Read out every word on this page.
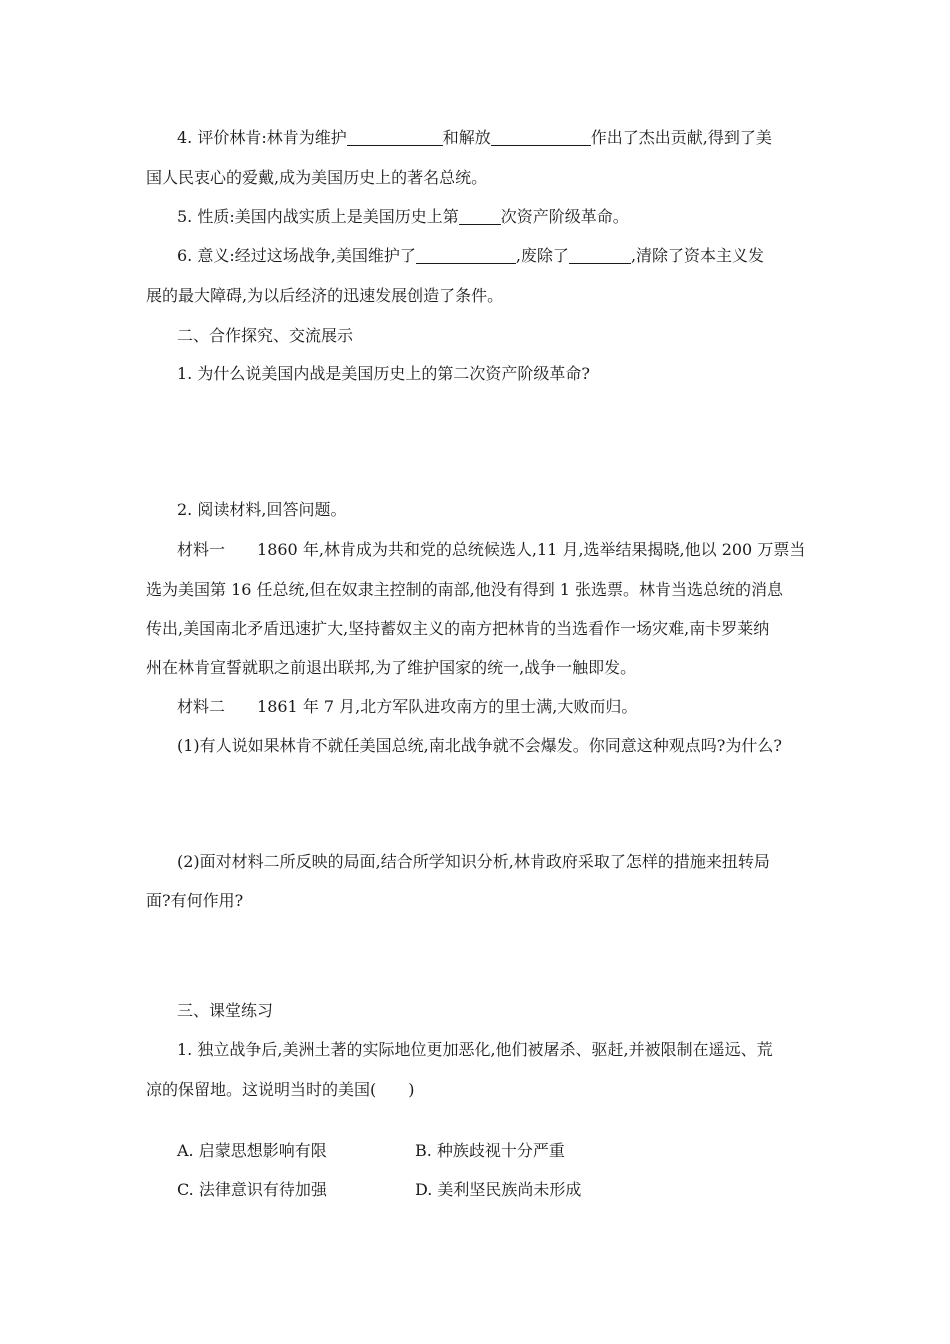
4. 评价林肯:林肯为维护	和解放	作出了杰出贡献,得到了美
国人民衷心的爱戴,成为美国历史上的著名总统。
5. 性质:美国内战实质上是美国历史上第	次资产阶级革命。
6. 意义:经过这场战争,美国维护了	,废除了	,清除了资本主义发
展的最大障碍,为以后经济的迅速发展创造了条件。
二、合作探究、交流展示
1. 为什么说美国内战是美国历史上的第二次资产阶级革命?
2. 阅读材料,回答问题。
材料一 1860 年,林肯成为共和党的总统候选人,11 月,选举结果揭晓,他以 200 万票当
选为美国第 16 任总统,但在奴隶主控制的南部,他没有得到 1 张选票。林肯当选总统的消息
传出,美国南北矛盾迅速扩大,坚持蓄奴主义的南方把林肯的当选看作一场灾难,南卡罗莱纳
州在林肯宣誓就职之前退出联邦,为了维护国家的统一,战争一触即发。
材料二 1861 年 7 月,北方军队进攻南方的里士满,大败而归。
(1)有人说如果林肯不就任美国总统,南北战争就不会爆发。你同意这种观点吗?为什么?
(2)面对材料二所反映的局面,结合所学知识分析,林肯政府采取了怎样的措施来扭转局
面?有何作用?
三、课堂练习
1. 独立战争后,美洲土著的实际地位更加恶化,他们被屠杀、驱赶,并被限制在遥远、荒
凉的保留地。这说明当时的美国(　　)
A. 启蒙思想影响有限	B. 种族歧视十分严重
C. 法律意识有待加强	D. 美利坚民族尚未形成
